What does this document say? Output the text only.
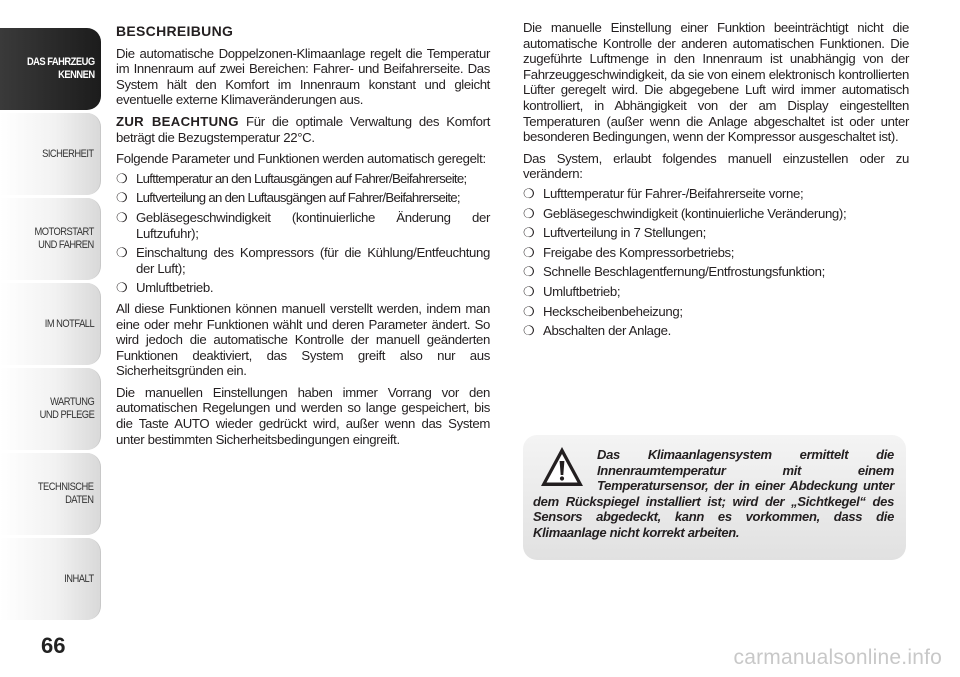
DAS FAHRZEUG
KENNEN
SICHERHEIT
MOTORSTART
UND FAHREN
IM NOTFALL
WARTUNG
UND PFLEGE
TECHNISCHE
DATEN
INHALT
66

BESCHREIBUNG

Die automatische Doppelzonen-Klimaanlage regelt die Temperatur im Innenraum auf zwei Bereichen: Fahrer- und Beifahrerseite. Das System hält den Komfort im Innenraum konstant und gleicht eventuelle externe Klimaveränderungen aus.

ZUR BEACHTUNG Für die optimale Verwaltung des Komfort beträgt die Bezugstemperatur 22°C.

Folgende Parameter und Funktionen werden automatisch geregelt:

❍ Lufttemperatur an den Luftausgängen auf Fahrer/Beifahrerseite;
❍ Luftverteilung an den Luftausgängen auf Fahrer/Beifahrerseite;
❍ Gebläsegeschwindigkeit (kontinuierliche Änderung der Luftzufuhr);
❍ Einschaltung des Kompressors (für die Kühlung/Entfeuchtung der Luft);
❍ Umluftbetrieb.

All diese Funktionen können manuell verstellt werden, indem man eine oder mehr Funktionen wählt und deren Parameter ändert. So wird jedoch die automatische Kontrolle der manuell geänderten Funktionen deaktiviert, das System greift also nur aus Sicherheitsgründen ein.

Die manuellen Einstellungen haben immer Vorrang vor den automatischen Regelungen und werden so lange gespeichert, bis die Taste AUTO wieder gedrückt wird, außer wenn das System unter bestimmten Sicherheitsbedingungen eingreift.

Die manuelle Einstellung einer Funktion beeinträchtigt nicht die automatische Kontrolle der anderen automatischen Funktionen. Die zugeführte Luftmenge in den Innenraum ist unabhängig von der Fahrzeuggeschwindigkeit, da sie von einem elektronisch kontrollierten Lüfter geregelt wird. Die abgegebene Luft wird immer automatisch kontrolliert, in Abhängigkeit von der am Display eingestellten Temperaturen (außer wenn die Anlage abgeschaltet ist oder unter besonderen Bedingungen, wenn der Kompressor ausgeschaltet ist).

Das System, erlaubt folgendes manuell einzustellen oder zu verändern:

❍ Lufttemperatur für Fahrer-/Beifahrerseite vorne;
❍ Gebläsegeschwindigkeit (kontinuierliche Veränderung);
❍ Luftverteilung in 7 Stellungen;
❍ Freigabe des Kompressorbetriebs;
❍ Schnelle Beschlagentfernung/Entfrostungsfunktion;
❍ Umluftbetrieb;
❍ Heckscheibenbeheizung;
❍ Abschalten der Anlage.
Das Klimaanlagensystem ermittelt die Innenraumtemperatur mit einem Temperatursensor, der in einer Abdeckung unter dem Rückspiegel installiert ist; wird der „Sichtkegel“ des Sensors abgedeckt, kann es vorkommen, dass die Klimaanlage nicht korrekt arbeiten.
carmanualsonline.info
